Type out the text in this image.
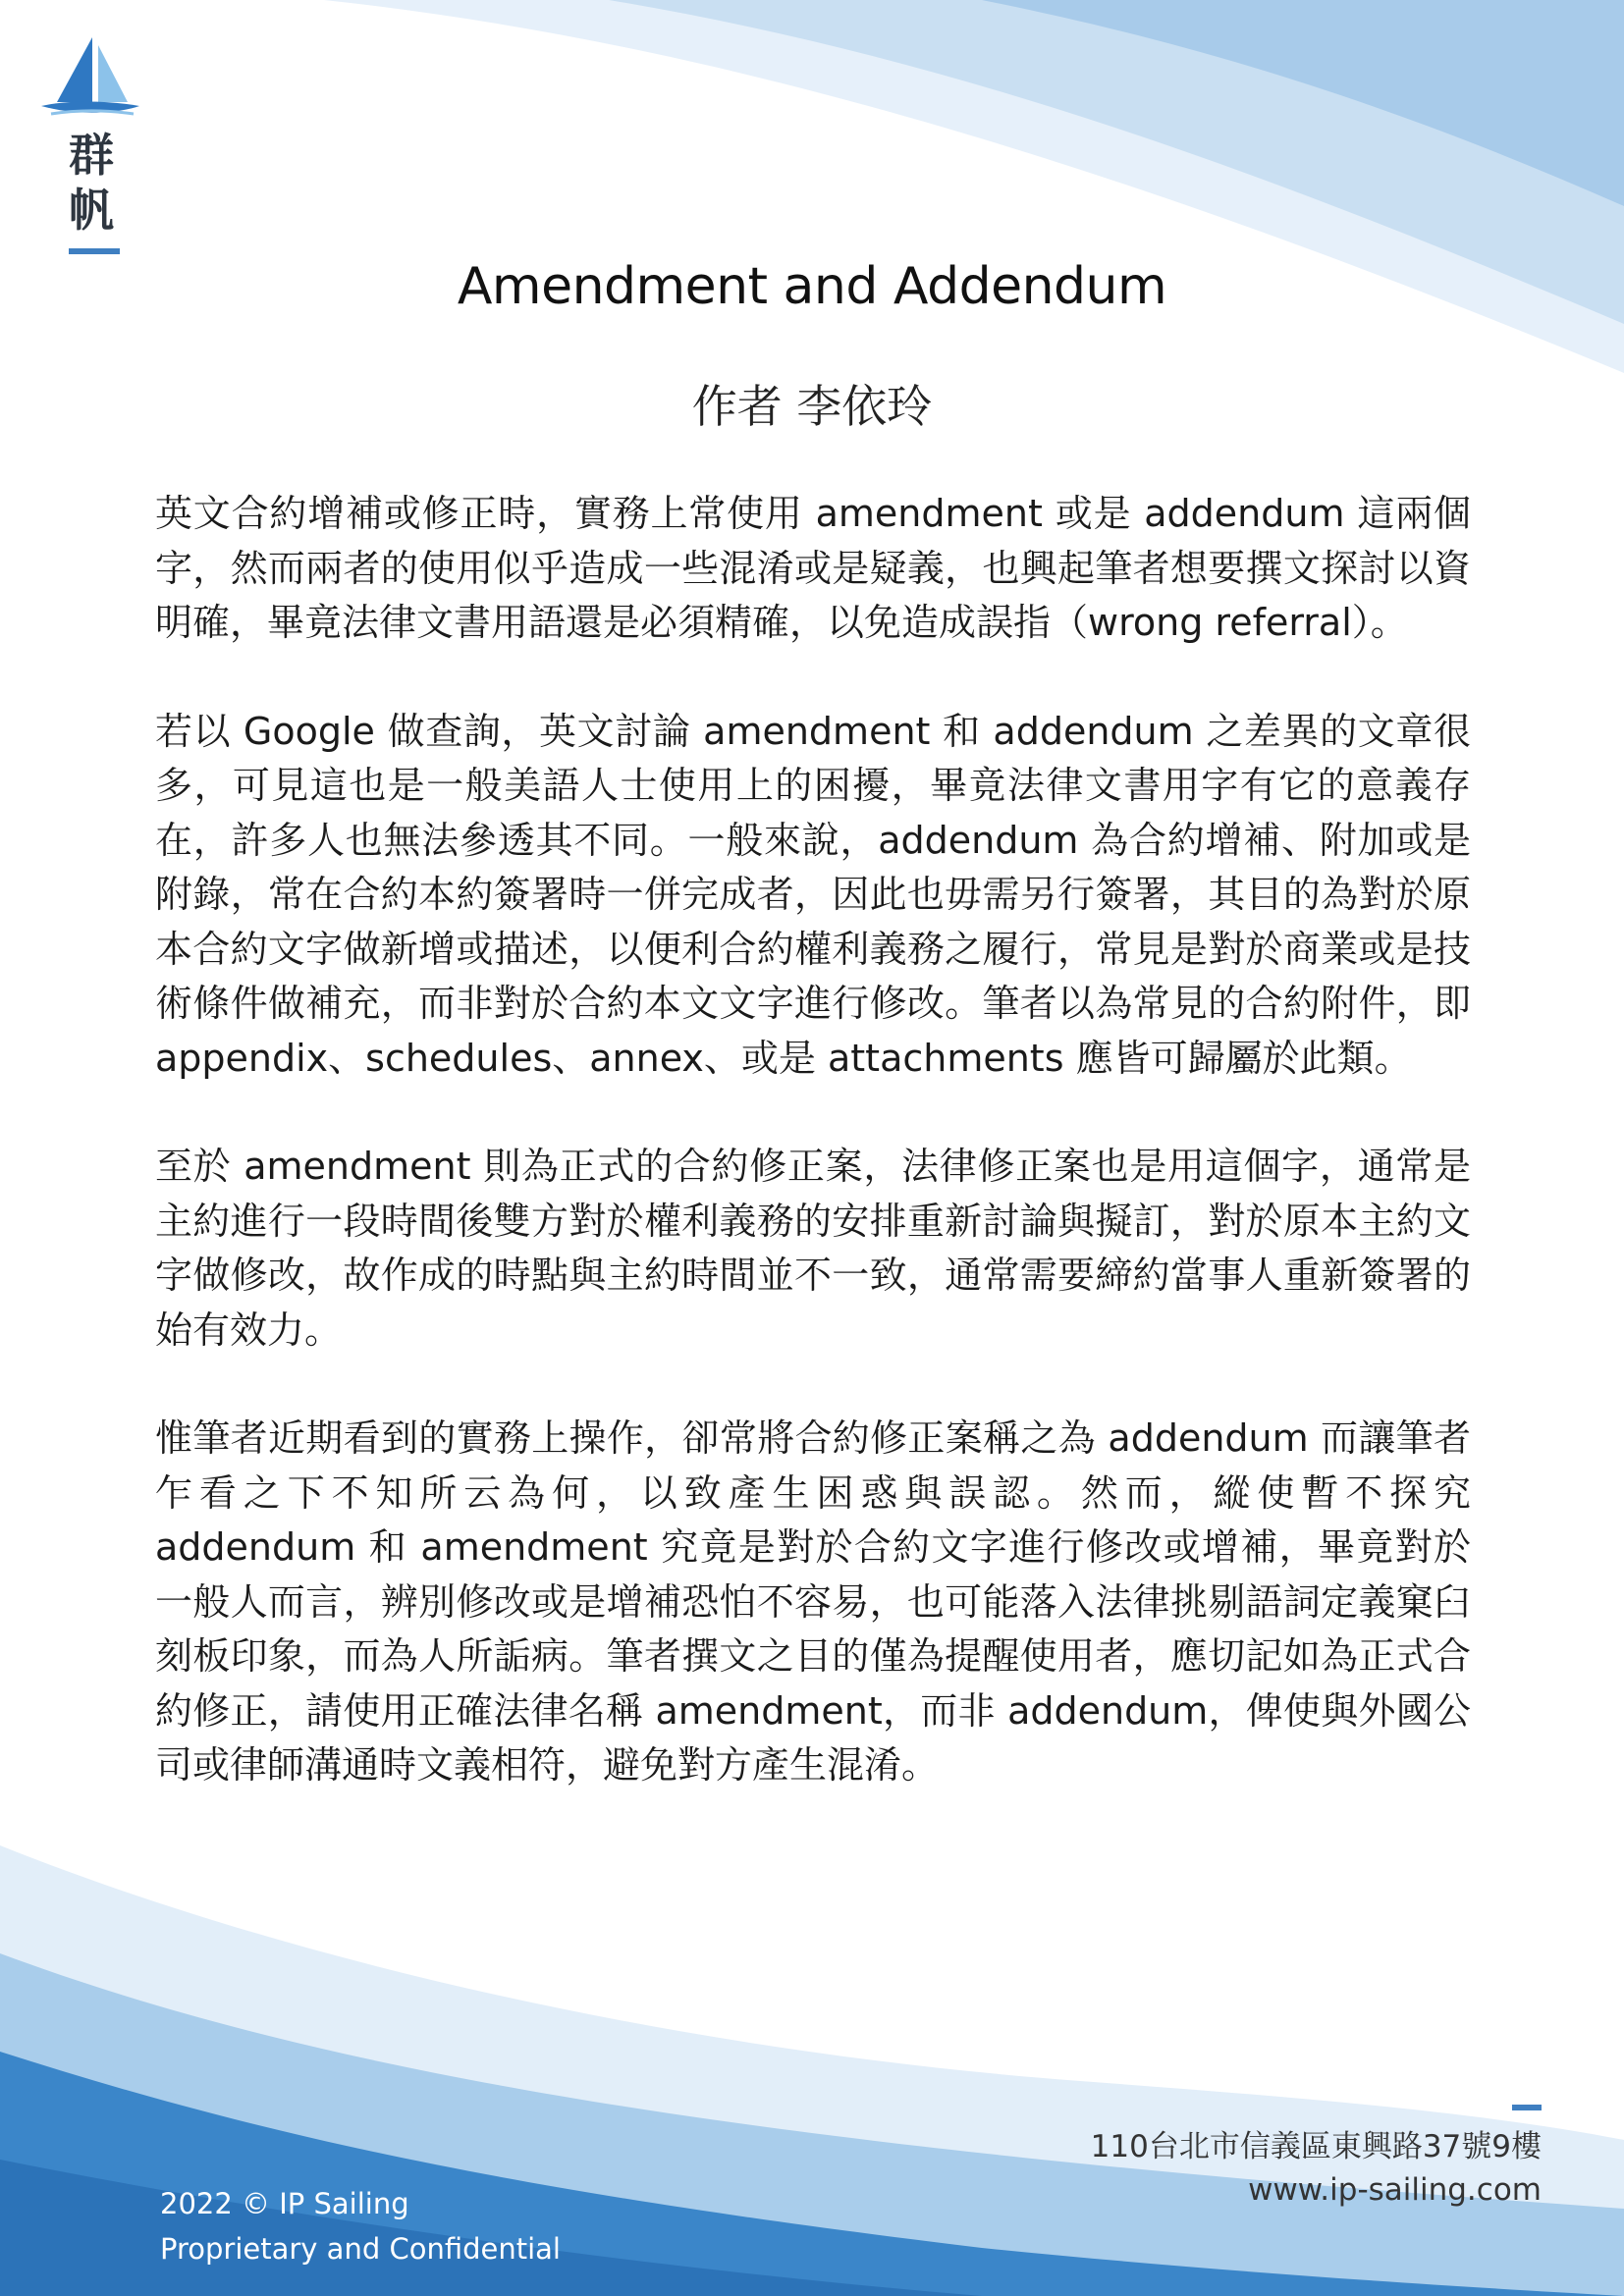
群帆
Amendment and Addendum
作者 李依玲

英文合約增補或修正時，實務上常使用 amendment 或是 addendum 這兩個字，然而兩者的使用似乎造成一些混淆或是疑義，也興起筆者想要撰文探討以資明確，畢竟法律文書用語還是必須精確，以免造成誤指（wrong referral）。

若以 Google 做查詢，英文討論 amendment 和 addendum 之差異的文章很多，可見這也是一般美語人士使用上的困擾，畢竟法律文書用字有它的意義存在，許多人也無法參透其不同。一般來說，addendum 為合約增補、附加或是附錄，常在合約本約簽署時一併完成者，因此也毋需另行簽署，其目的為對於原本合約文字做新增或描述，以便利合約權利義務之履行，常見是對於商業或是技術條件做補充，而非對於合約本文文字進行修改。筆者以為常見的合約附件，即 appendix、schedules、annex、或是 attachments 應皆可歸屬於此類。

至於 amendment 則為正式的合約修正案，法律修正案也是用這個字，通常是主約進行一段時間後雙方對於權利義務的安排重新討論與擬訂，對於原本主約文字做修改，故作成的時點與主約時間並不一致，通常需要締約當事人重新簽署的始有效力。

惟筆者近期看到的實務上操作，卻常將合約修正案稱之為 addendum 而讓筆者乍看之下不知所云為何，以致產生困惑與誤認。然而，縱使暫不探究 addendum 和 amendment 究竟是對於合約文字進行修改或增補，畢竟對於一般人而言，辨別修改或是增補恐怕不容易，也可能落入法律挑剔語詞定義窠臼刻板印象，而為人所詬病。筆者撰文之目的僅為提醒使用者，應切記如為正式合約修正，請使用正確法律名稱 amendment，而非 addendum，俾使與外國公司或律師溝通時文義相符，避免對方產生混淆。

110台北市信義區東興路37號9樓
www.ip-sailing.com
2022 © IP Sailing
Proprietary and Confidential
